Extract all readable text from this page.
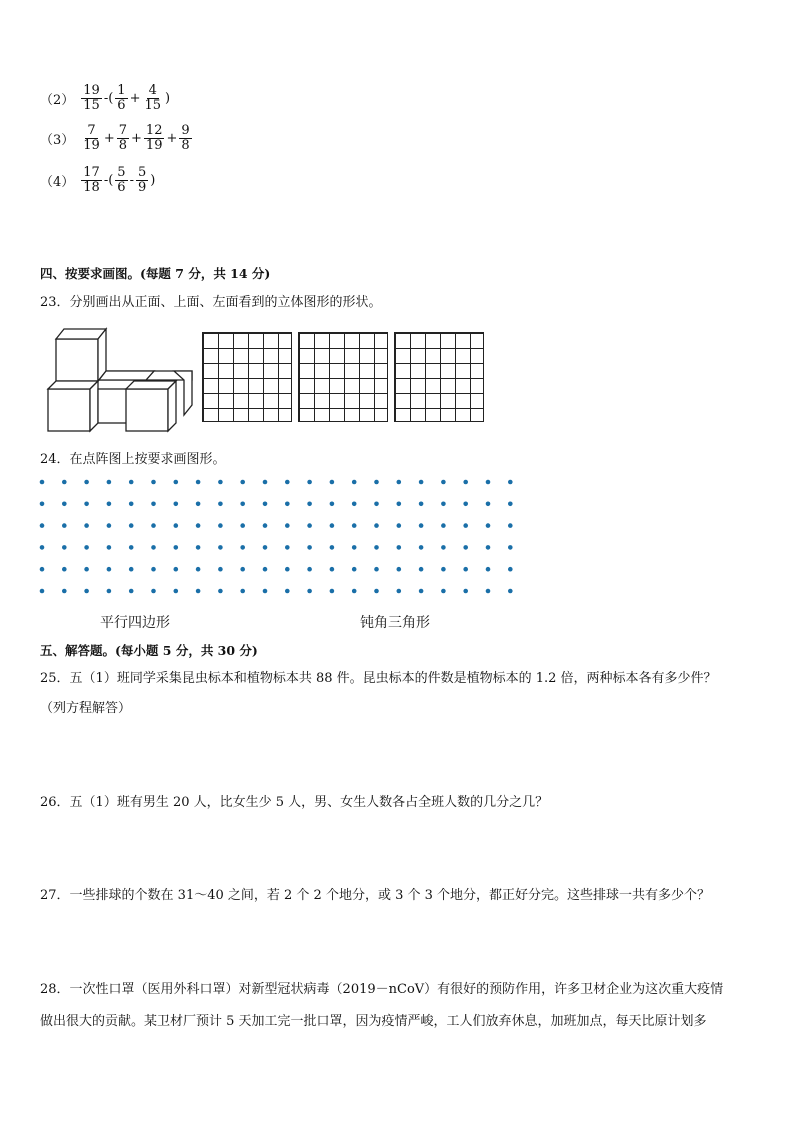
$(2) \frac{19}{15}$ -( $\frac{1}{6} + \frac{4}{15}$ )
$(3) \frac{7}{19} + \frac{7}{8} + \frac{12}{19} + \frac{9}{8}$
$(4) \frac{17}{18}$ -( $\frac{5}{6} - \frac{5}{9}$ )
四、按要求画图。(每题 7 分，共 14 分)
23．分别画出从正面、上面、左面看到的立体图形的形状。
24．在点阵图上按要求画图形。
平行四边形	钝角三角形
五、解答题。(每小题 5 分，共 30 分)
25．五（1）班同学采集昆虫标本和植物标本共 88 件。昆虫标本的件数是植物标本的 1.2 倍，两种标本各有多少件？
（列方程解答）
26．五（1）班有男生 20 人，比女生少 5 人，男、女生人数各占全班人数的几分之几？
27．一些排球的个数在 31～40 之间，若 2 个 2 个地分，或 3 个 3 个地分，都正好分完。这些排球一共有多少个？
28．一次性口罩（医用外科口罩）对新型冠状病毒（2019－nCoV）有很好的预防作用，许多卫材企业为这次重大疫情
做出很大的贡献。某卫材厂预计 5 天加工完一批口罩，因为疫情严峻，工人们放弃休息，加班加点，每天比原计划多
